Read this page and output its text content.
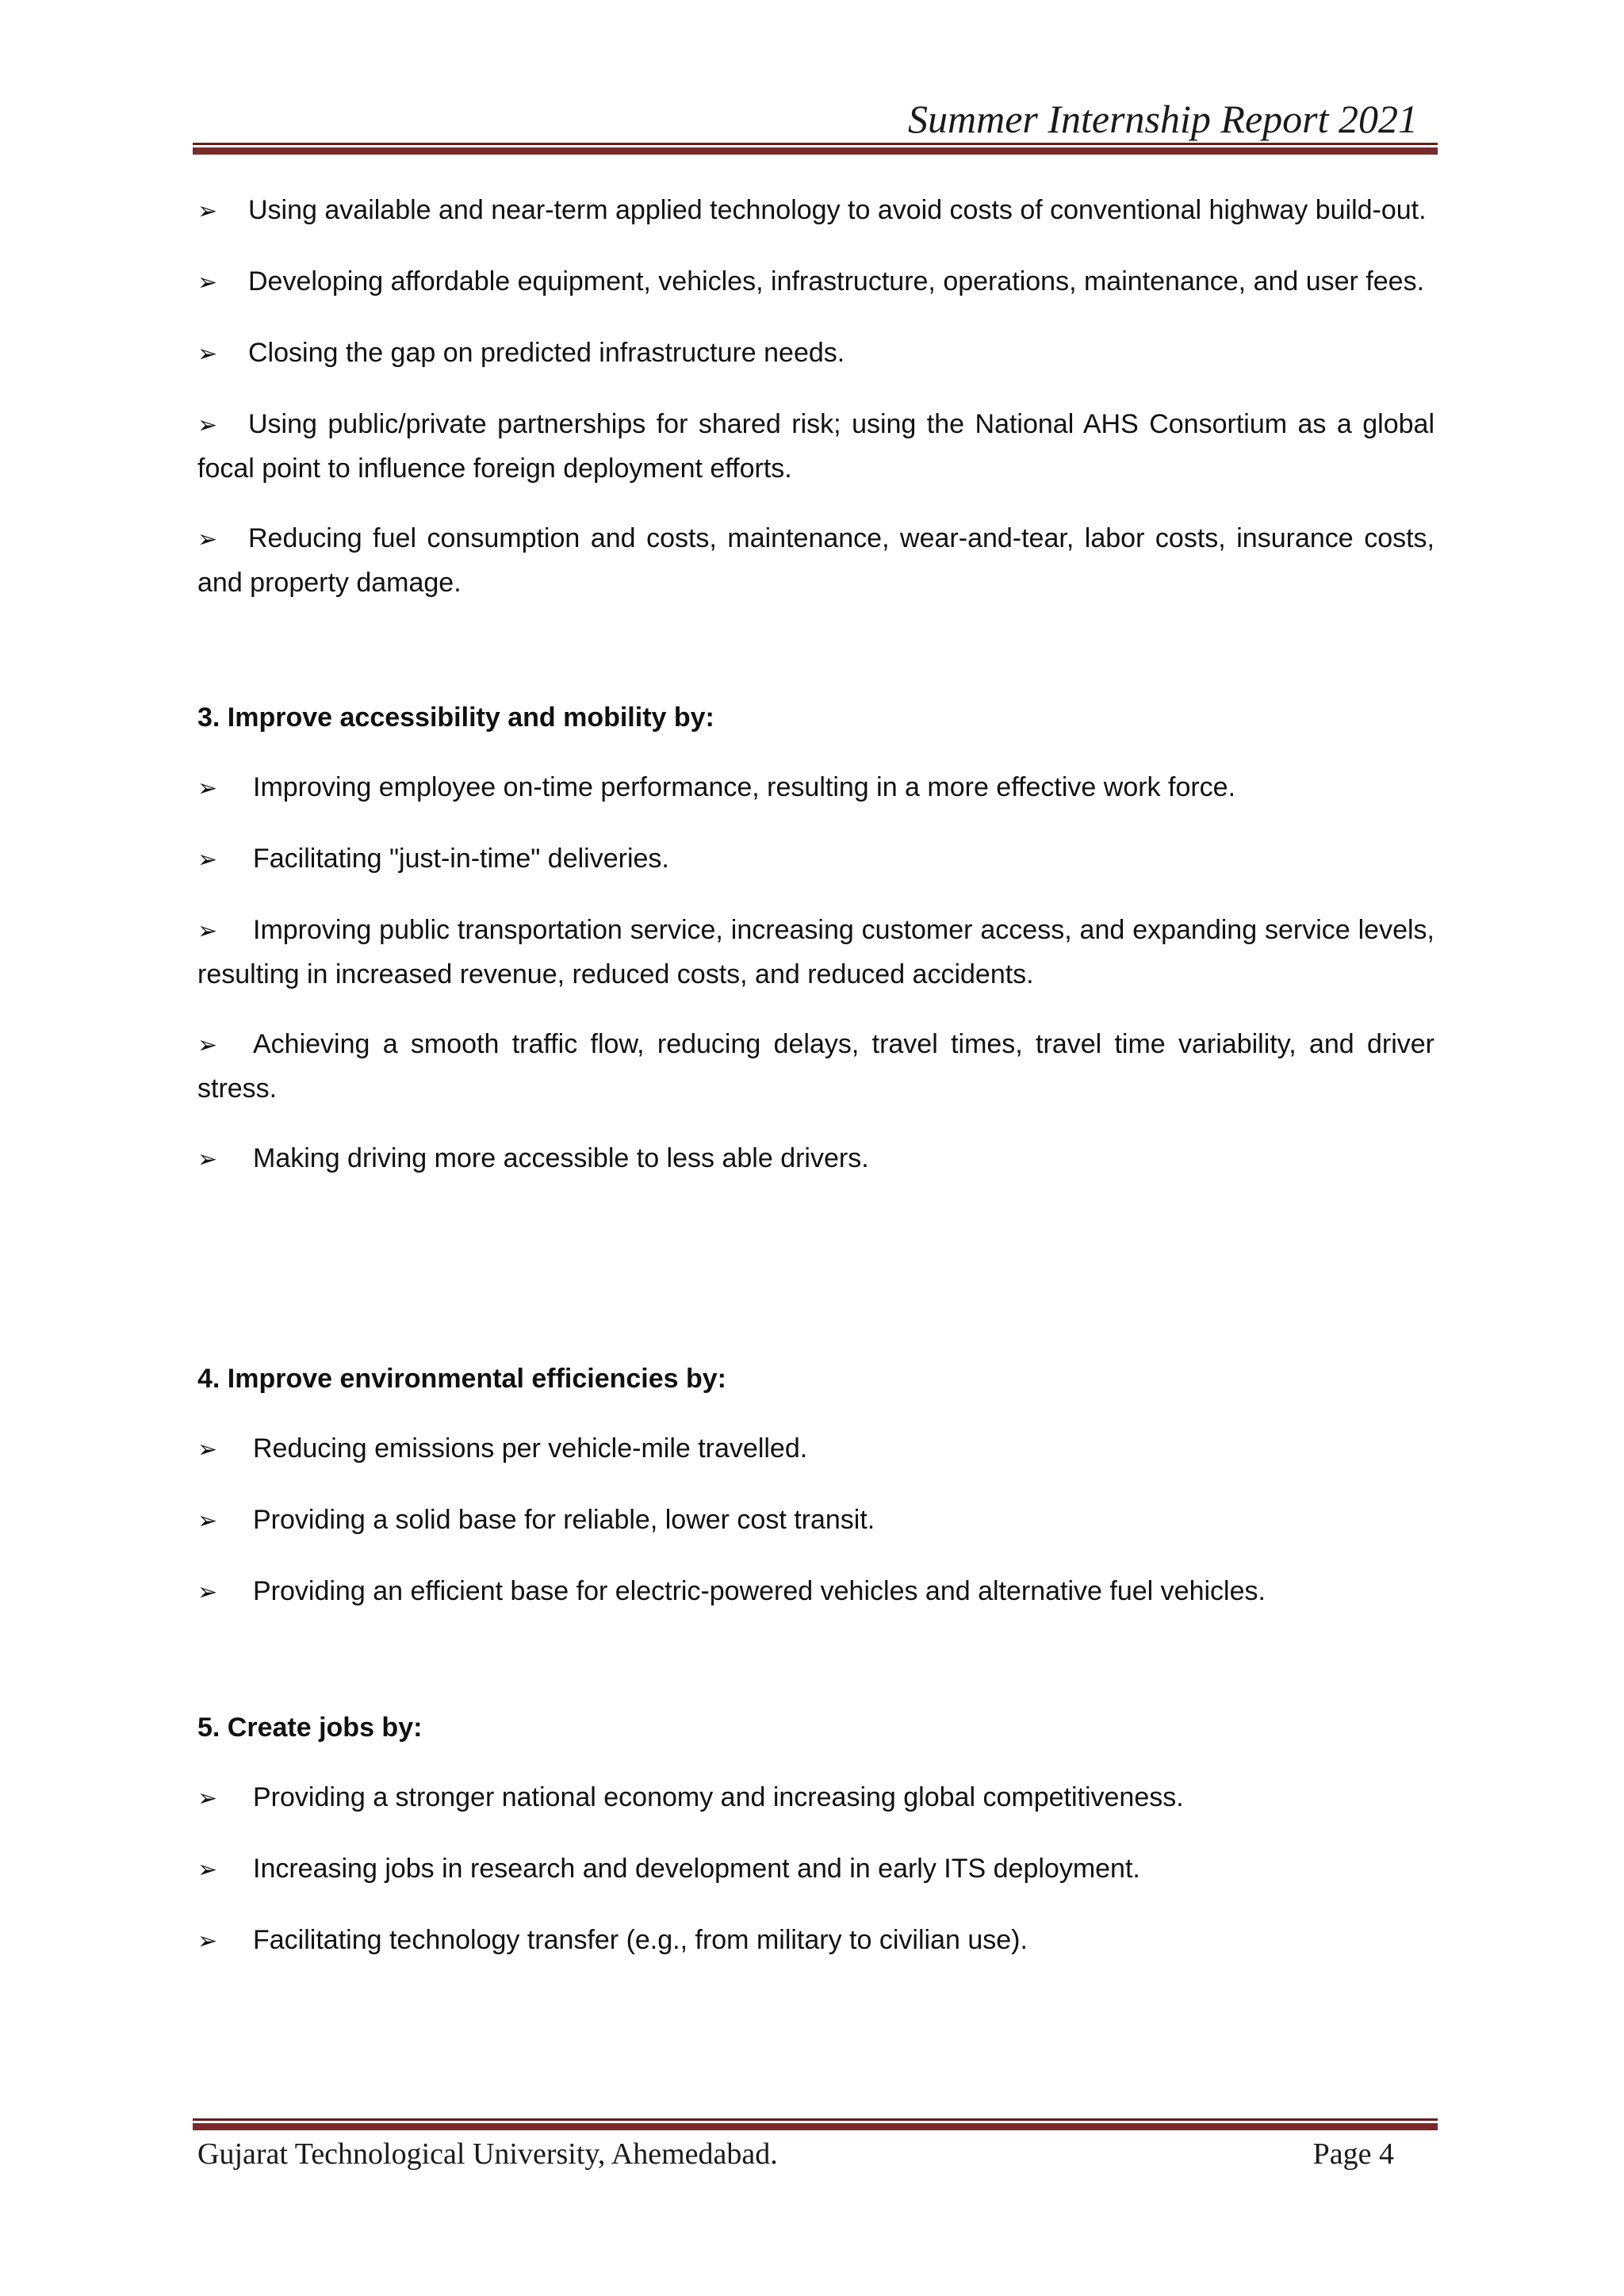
Summer Internship Report 2021

➢ Using available and near-term applied technology to avoid costs of conventional highway build-out.

➢ Developing affordable equipment, vehicles, infrastructure, operations, maintenance, and user fees.

➢ Closing the gap on predicted infrastructure needs.

➢ Using public/private partnerships for shared risk; using the National AHS Consortium as a global focal point to influence foreign deployment efforts.

➢ Reducing fuel consumption and costs, maintenance, wear-and-tear, labor costs, insurance costs, and property damage.

3. Improve accessibility and mobility by:

➢ Improving employee on-time performance, resulting in a more effective work force.

➢ Facilitating "just-in-time" deliveries.

➢ Improving public transportation service, increasing customer access, and expanding service levels, resulting in increased revenue, reduced costs, and reduced accidents.

➢ Achieving a smooth traffic flow, reducing delays, travel times, travel time variability, and driver stress.

➢ Making driving more accessible to less able drivers.

4. Improve environmental efficiencies by:

➢ Reducing emissions per vehicle-mile travelled.

➢ Providing a solid base for reliable, lower cost transit.

➢ Providing an efficient base for electric-powered vehicles and alternative fuel vehicles.

5. Create jobs by:

➢ Providing a stronger national economy and increasing global competitiveness.

➢ Increasing jobs in research and development and in early ITS deployment.

➢ Facilitating technology transfer (e.g., from military to civilian use).

Gujarat Technological University, Ahemedabad.	Page 4
